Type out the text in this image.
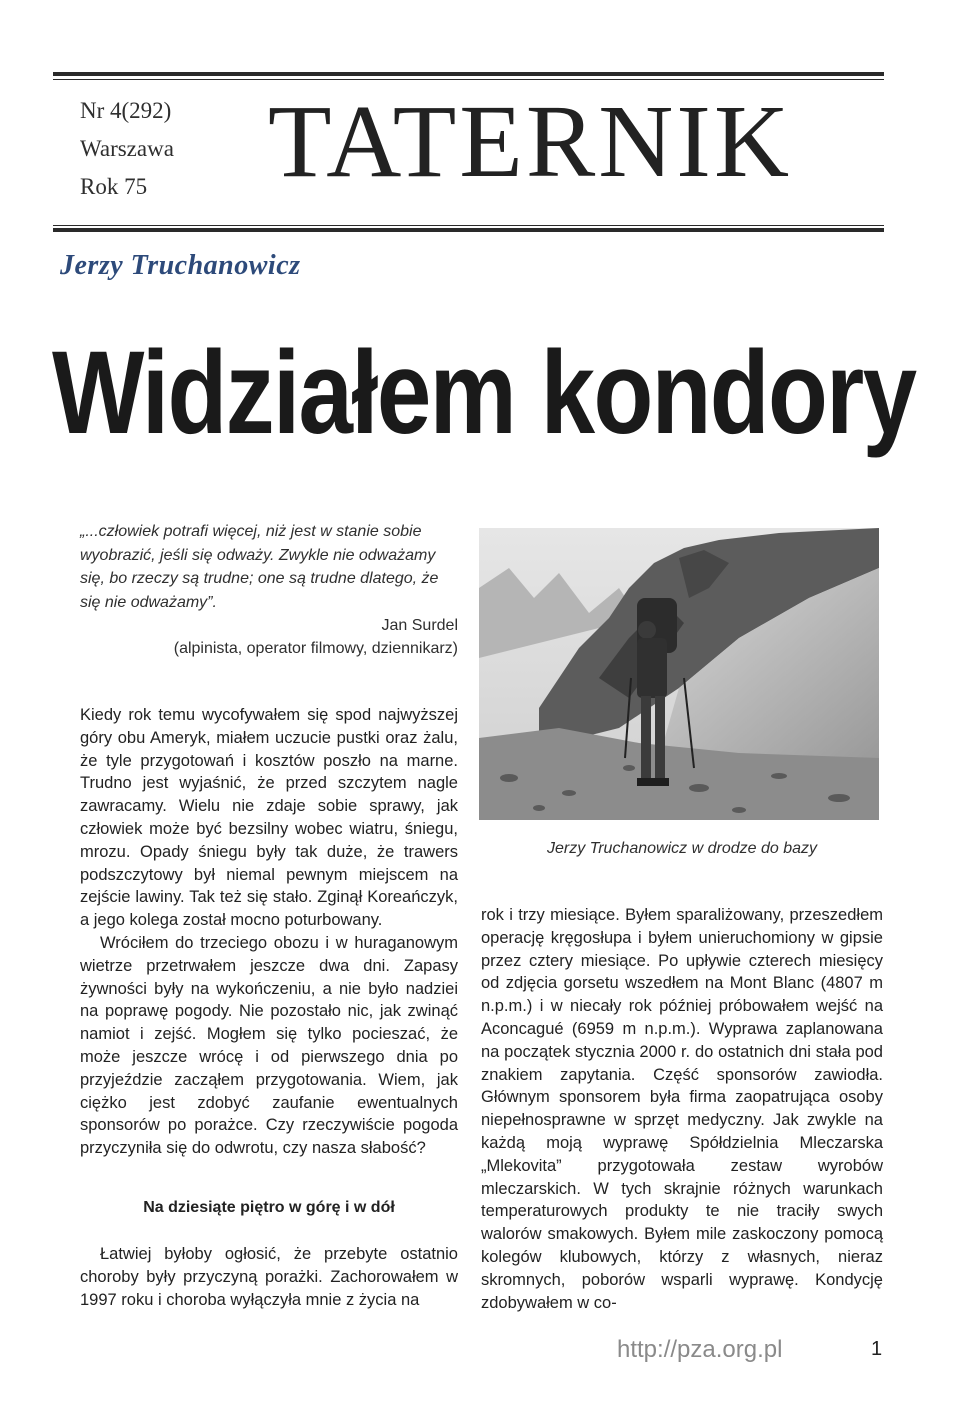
Nr 4(292)
Warszawa
Rok 75 TATERNIK
Jerzy Truchanowicz
Widziałem kondory
„...człowiek potrafi więcej, niż jest w stanie sobie wyobrazić, jeśli się odważy. Zwykle nie odważamy się, bo rzeczy są trudne; one są trudne dlatego, że się nie odważamy”.
Jan Surdel
(alpinista, operator filmowy, dziennikarz)

Kiedy rok temu wycofywałem się spod najwyższej góry obu Ameryk, miałem uczucie pustki oraz żalu, że tyle przygotowań i kosztów poszło na marne. Trudno jest wyjaśnić, że przed szczytem nagle zawracamy. Wielu nie zdaje sobie sprawy, jak człowiek może być bezsilny wobec wiatru, śniegu, mrozu. Opady śniegu były tak duże, że trawers podszczytowy był niemal pewnym miejscem na zejście lawiny. Tak też się stało. Zginął Koreańczyk, a jego kolega został mocno poturbowany.

Wróciłem do trzeciego obozu i w huraganowym wietrze przetrwałem jeszcze dwa dni. Zapasy żywności były na wykończeniu, a nie było nadziei na poprawę pogody. Nie pozostało nic, jak zwinąć namiot i zejść. Mogłem się tylko pocieszać, że może jeszcze wrócę i od pierwszego dnia po przyjeździe zacząłem przygotowania. Wiem, jak ciężko jest zdobyć zaufanie ewentualnych sponsorów po porażce. Czy rzeczywiście pogoda przyczyniła się do odwrotu, czy nasza słabość?

Na dziesiąte piętro w górę i w dół

Łatwiej byłoby ogłosić, że przebyte ostatnio choroby były przyczyną porażki. Zachorowałem w 1997 roku i choroba wyłączyła mnie z życia na

Jerzy Truchanowicz w drodze do bazy

rok i trzy miesiące. Byłem sparaliżowany, przeszedłem operację kręgosłupa i byłem unieruchomiony w gipsie przez cztery miesiące. Po upływie czterech miesięcy od zdjęcia gorsetu wszedłem na Mont Blanc (4807 m n.p.m.) i w niecały rok później próbowałem wejść na Aconcagué (6959 m n.p.m.). Wyprawa zaplanowana na początek stycznia 2000 r. do ostatnich dni stała pod znakiem zapytania. Część sponsorów zawiodła. Głównym sponsorem była firma zaopatrująca osoby niepełnosprawne w sprzęt medyczny. Jak zwykle na każdą moją wyprawę Spółdzielnia Mleczarska „Mlekovita” przygotowała zestaw wyrobów mleczarskich. W tych skrajnie różnych warunkach temperaturowych produkty te nie traciły swych walorów smakowych. Byłem mile zaskoczony pomocą kolegów klubowych, którzy z własnych, nieraz skromnych, poborów wsparli wyprawę. Kondycję zdobywałem w co-

http://pza.org.pl	1
